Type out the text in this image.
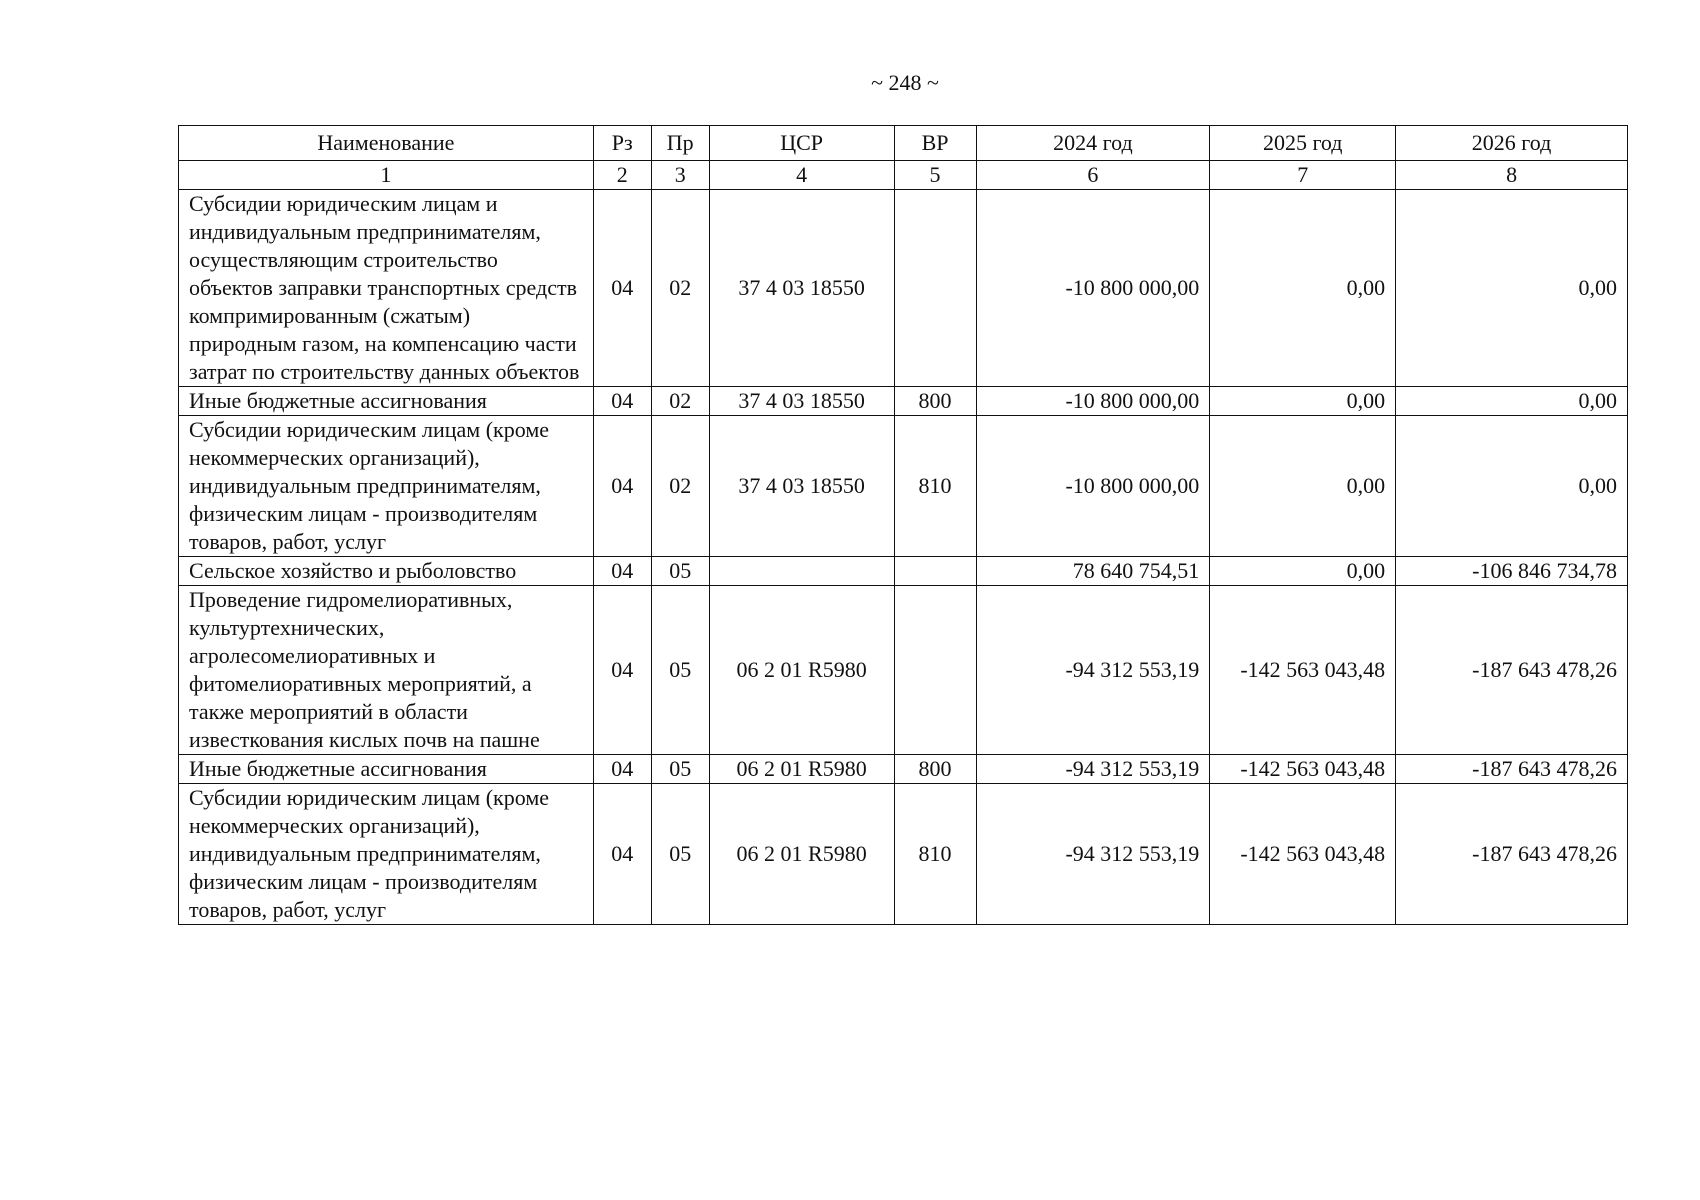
~ 248 ~
Наименование	Рз	Пр	ЦСР	ВР	2024 год	2025 год	2026 год
1	2	3	4	5	6	7	8
Субсидии юридическим лицам и индивидуальным предпринимателям, осуществляющим строительство объектов заправки транспортных средств компримированным (сжатым) природным газом, на компенсацию части затрат по строительству данных объектов	04	02	37 4 03 18550		-10 800 000,00	0,00	0,00
Иные бюджетные ассигнования	04	02	37 4 03 18550	800	-10 800 000,00	0,00	0,00
Субсидии юридическим лицам (кроме некоммерческих организаций), индивидуальным предпринимателям, физическим лицам - производителям товаров, работ, услуг	04	02	37 4 03 18550	810	-10 800 000,00	0,00	0,00
Сельское хозяйство и рыболовство	04	05			78 640 754,51	0,00	-106 846 734,78
Проведение гидромелиоративных, культуртехнических, агролесомелиоративных и фитомелиоративных мероприятий, а также мероприятий в области известкования кислых почв на пашне	04	05	06 2 01 R5980		-94 312 553,19	-142 563 043,48	-187 643 478,26
Иные бюджетные ассигнования	04	05	06 2 01 R5980	800	-94 312 553,19	-142 563 043,48	-187 643 478,26
Субсидии юридическим лицам (кроме некоммерческих организаций), индивидуальным предпринимателям, физическим лицам - производителям товаров, работ, услуг	04	05	06 2 01 R5980	810	-94 312 553,19	-142 563 043,48	-187 643 478,26
